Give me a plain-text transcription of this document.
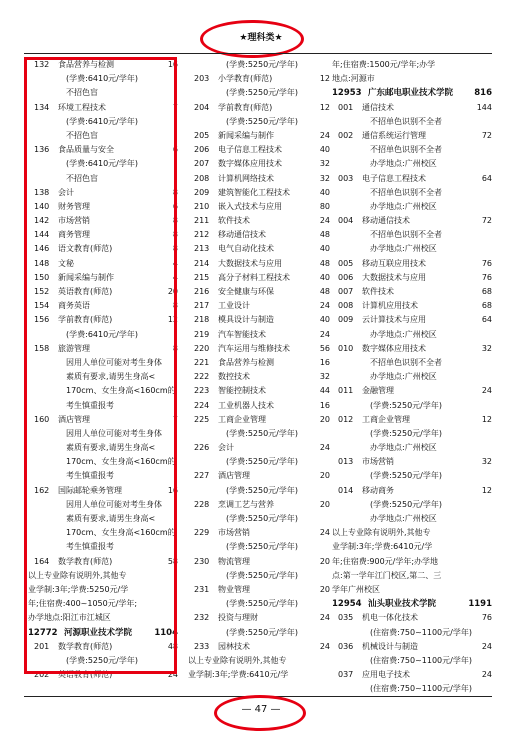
★理科类★
132 食品营养与检测	16
(学费:6410元/学年)
不招色盲
134 环境工程技术	7
(学费:6410元/学年)
不招色盲
136 食品质量与安全	6
(学费:6410元/学年)
不招色盲
138 会计	8
140 财务管理	6
142 市场营销	8
144 商务管理	8
146 语文教育(师范)	8
148 文秘	4
150 新闻采编与制作	4
152 英语教育(师范)	20
154 商务英语	8
156 学前教育(师范)	12
(学费:6410元/学年)
158 旅游管理	8
因用人单位可能对考生身体
素质有要求,请男生身高<
170cm、女生身高<160cm的
考生慎重报考
160 酒店管理	7
因用人单位可能对考生身体
素质有要求,请男生身高<
170cm、女生身高<160cm的
考生慎重报考
162 国际邮轮乘务管理	16
因用人单位可能对考生身体
素质有要求,请男生身高<
170cm、女生身高<160cm的
考生慎重报考
164 数学教育(师范)	58
以上专业除有说明外,其他专
业学制:3年;学费:5250元/学
年;住宿费:400~1050元/学年;
办学地点:阳江市江城区
12772 河源职业技术学院	1104
201 数学教育(师范)	48
(学费:5250元/学年)
202 英语教育(师范)	24
(学费:5250元/学年)
203 小学教育(师范)	12
(学费:5250元/学年)
204 学前教育(师范)	12
(学费:5250元/学年)
205 新闻采编与制作	24
206 电子信息工程技术	40
207 数字媒体应用技术	32
208 计算机网络技术	32
209 建筑智能化工程技术	40
210 嵌入式技术与应用	80
211 软件技术	24
212 移动通信技术	48
213 电气自动化技术	40
214 大数据技术与应用	48
215 高分子材料工程技术	40
216 安全健康与环保	48
217 工业设计	24
218 模具设计与制造	40
219 汽车智能技术	24
220 汽车运用与维修技术	56
221 食品营养与检测	16
222 数控技术	32
223 智能控制技术	44
224 工业机器人技术	16
225 工商企业管理	20
(学费:5250元/学年)
226 会计	24
(学费:5250元/学年)
227 酒店管理	20
(学费:5250元/学年)
228 烹调工艺与营养	20
(学费:5250元/学年)
229 市场营销	24
(学费:5250元/学年)
230 物流管理	20
(学费:5250元/学年)
231 物业管理	20
(学费:5250元/学年)
232 投资与理财	24
(学费:5250元/学年)
233 园林技术	24
以上专业除有说明外,其他专
业学制:3年;学费:6410元/学
年;住宿费:1500元/学年;办学
地点:河源市
12953 广东邮电职业技术学院 816
001 通信技术	144
不招单色识别不全者
002 通信系统运行管理	72
不招单色识别不全者
办学地点:广州校区
003 电子信息工程技术	64
不招单色识别不全者
办学地点:广州校区
004 移动通信技术	72
不招单色识别不全者
办学地点:广州校区
005 移动互联应用技术	76
006 大数据技术与应用	76
007 软件技术	68
008 计算机应用技术	68
009 云计算技术与应用	64
办学地点:广州校区
010 数字媒体应用技术	32
不招单色识别不全者
办学地点:广州校区
011 金融管理	24
(学费:5250元/学年)
012 工商企业管理	12
(学费:5250元/学年)
办学地点:广州校区
013 市场营销	32
(学费:5250元/学年)
014 移动商务	12
(学费:5250元/学年)
办学地点:广州校区
以上专业除有说明外,其他专
业学制:3年;学费:6410元/学
年;住宿费:900元/学年;办学地
点:第一学年江门校区,第二、三
学年广州校区
12954 汕头职业技术学院	1191
035 机电一体化技术	76
(住宿费:750~1100元/学年)
036 机械设计与制造	24
(住宿费:750~1100元/学年)
037 应用电子技术	24
(住宿费:750~1100元/学年)
— 47 —
